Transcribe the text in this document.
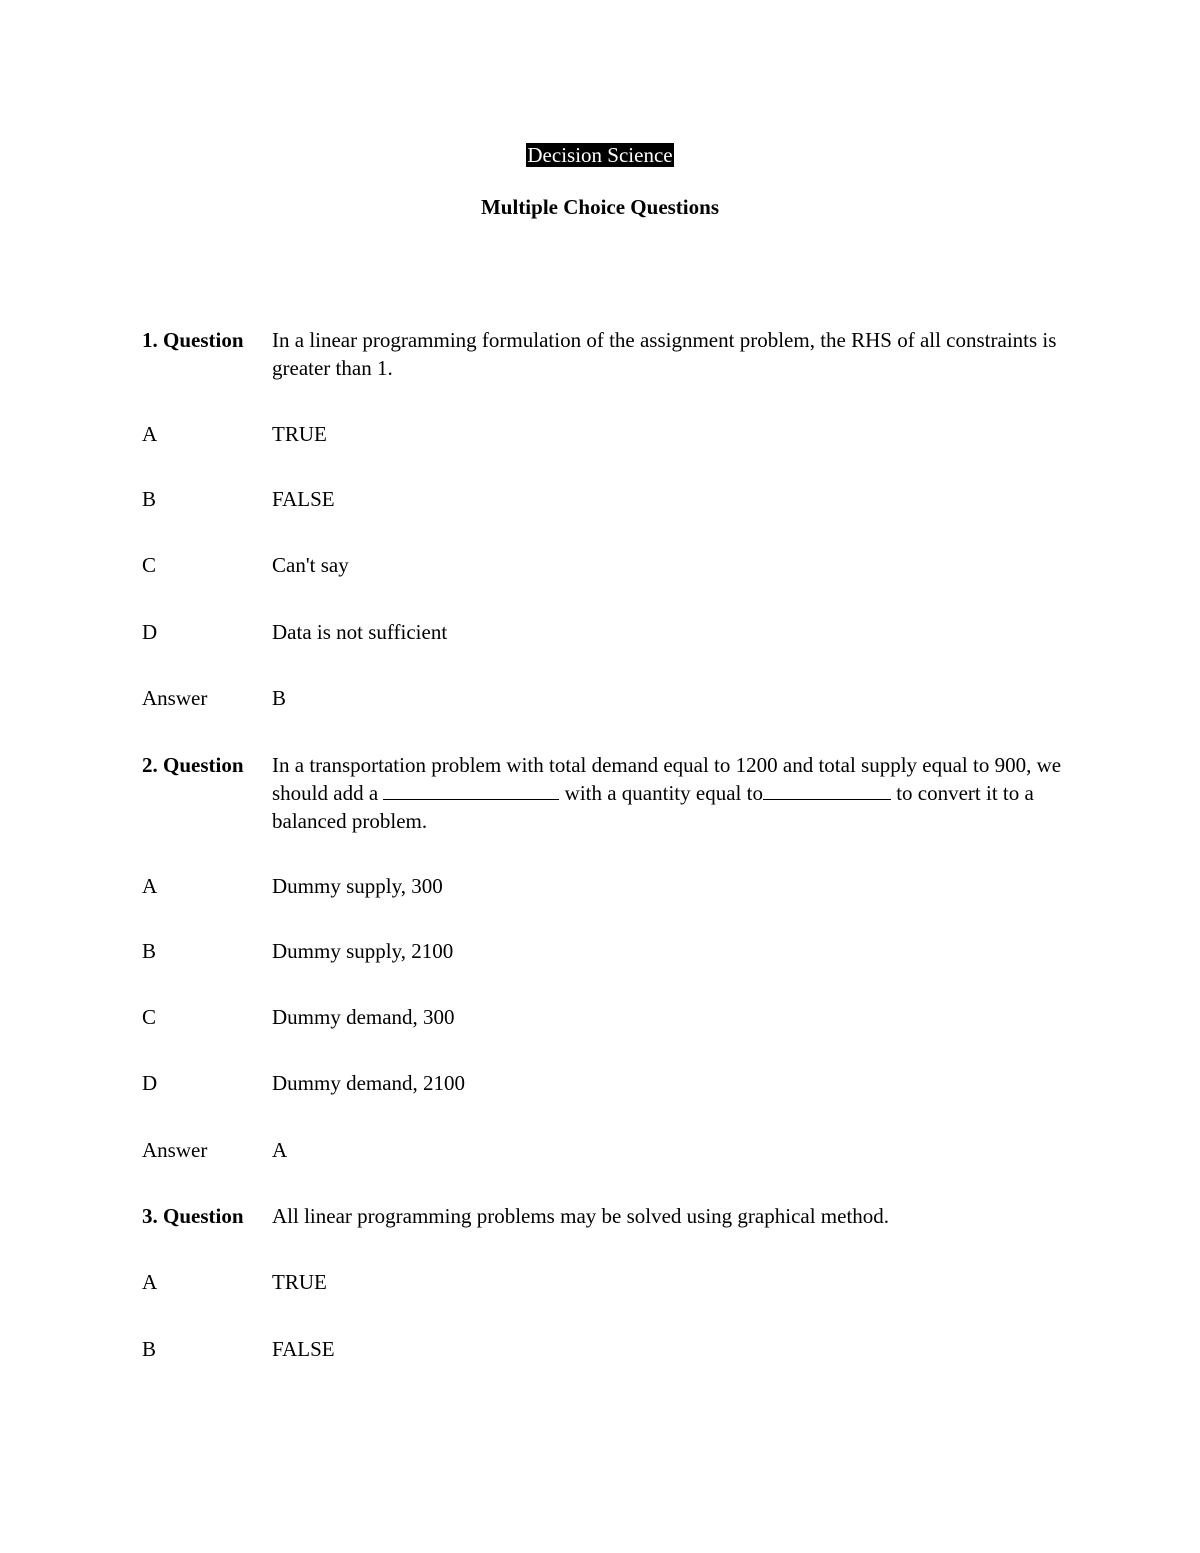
Decision Science
Multiple Choice Questions
1. Question	In a linear programming formulation of the assignment problem, the RHS of all constraints is greater than 1.
A	TRUE
B	FALSE
C	Can't say
D	Data is not sufficient
Answer	B
2. Question	In a transportation problem with total demand equal to 1200 and total supply equal to 900, we should add a	with a quantity equal to	to convert it to a balanced problem.
A	Dummy supply, 300
B	Dummy supply, 2100
C	Dummy demand, 300
D	Dummy demand, 2100
Answer	A
3. Question	All linear programming problems may be solved using graphical method.
A	TRUE
B	FALSE
